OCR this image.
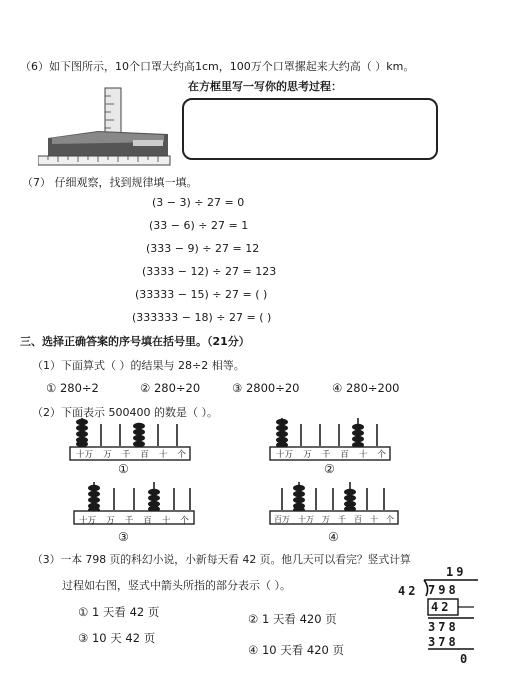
（6）如下图所示，10个口罩大约高1cm，100万个口罩摞起来大约高（ ）km。
在方框里写一写你的思考过程：
（7） 仔细观察，找到规律填一填。
(3 − 3) ÷ 27 = 0
(33 − 6) ÷ 27 = 1
(333 − 9) ÷ 27 = 12
(3333 − 12) ÷ 27 = 123
(33333 − 15) ÷ 27 = ( )
(333333 − 18) ÷ 27 = ( )
三、选择正确答案的序号填在括号里。（21分）
（1）下面算式（ ）的结果与 28÷2 相等。
① 280÷2	② 280÷20	③ 2800÷20	④ 280÷200
（2）下面表示 500400 的数是（ ）。
十万 万 千 百 十 个
①
十万 万 千 百 十 个
②
十万 万 千 百 十 个
③
百万 十万 万 千 百 十 个
④
（3）一本 798 页的科幻小说，小新每天看 42 页。他几天可以看完？竖式计算
过程如右图，竖式中箭头所指的部分表示（ ）。
① 1 天看 42 页	② 1 天看 420 页
③ 10 天 42 页
④ 10 天看 420 页
19
42 798
42
378
378
0
